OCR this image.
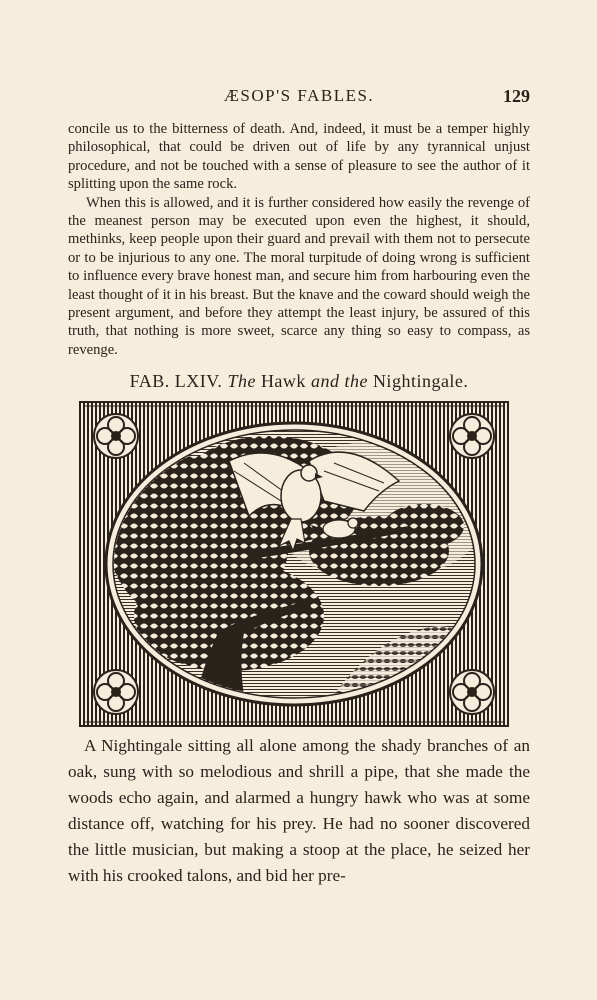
ÆSOP'S FABLES.	129

concile us to the bitterness of death. And, indeed, it must be a temper highly philosophical, that could be driven out of life by any tyrannical unjust procedure, and not be touched with a sense of pleasure to see the author of it splitting upon the same rock.

When this is allowed, and it is further considered how easily the revenge of the meanest person may be executed upon even the highest, it should, methinks, keep people upon their guard and prevail with them not to persecute or to be injurious to any one. The moral turpitude of doing wrong is sufficient to influence every brave honest man, and secure him from harbouring even the least thought of it in his breast. But the knave and the coward should weigh the present argument, and before they attempt the least injury, be assured of this truth, that nothing is more sweet, scarce any thing so easy to compass, as revenge.

FAB. LXIV. The Hawk and the Nightingale.

A Nightingale sitting all alone among the shady branches of an oak, sung with so melodious and shrill a pipe, that she made the woods echo again, and alarmed a hungry hawk who was at some distance off, watching for his prey. He had no sooner discovered the little musician, but making a stoop at the place, he seized her with his crooked talons, and bid her pre-
